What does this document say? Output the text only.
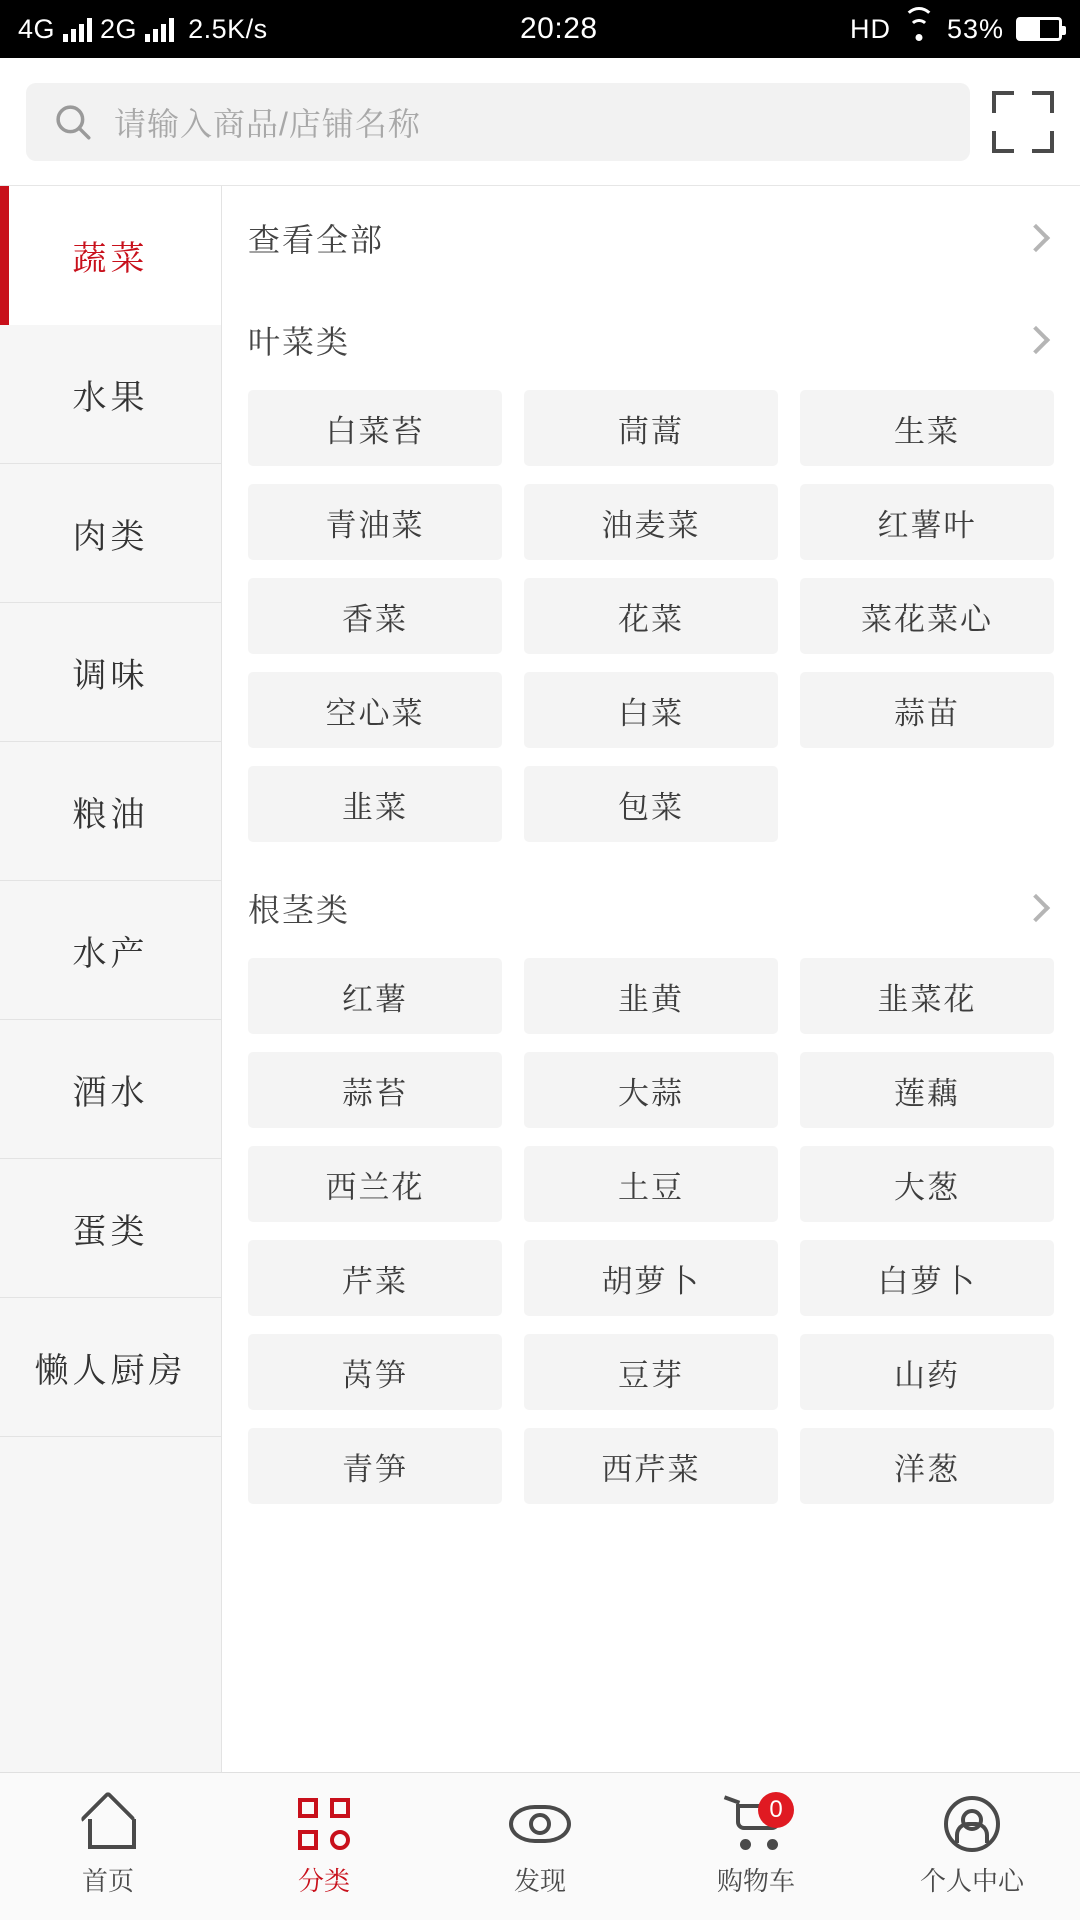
4G 2G 2.5K/s	20:28	HD 53%
请输入商品/店铺名称
蔬菜
水果
肉类
调味
粮油
水产
酒水
蛋类
懒人厨房
查看全部
叶菜类
白菜苔	茼蒿	生菜
青油菜	油麦菜	红薯叶
香菜	花菜	菜花菜心
空心菜	白菜	蒜苗
韭菜	包菜
根茎类
红薯	韭黄	韭菜花
蒜苔	大蒜	莲藕
西兰花	土豆	大葱
芹菜	胡萝卜	白萝卜
莴笋	豆芽	山药
青笋	西芹菜	洋葱
首页	分类	发现
0
购物车	个人中心
